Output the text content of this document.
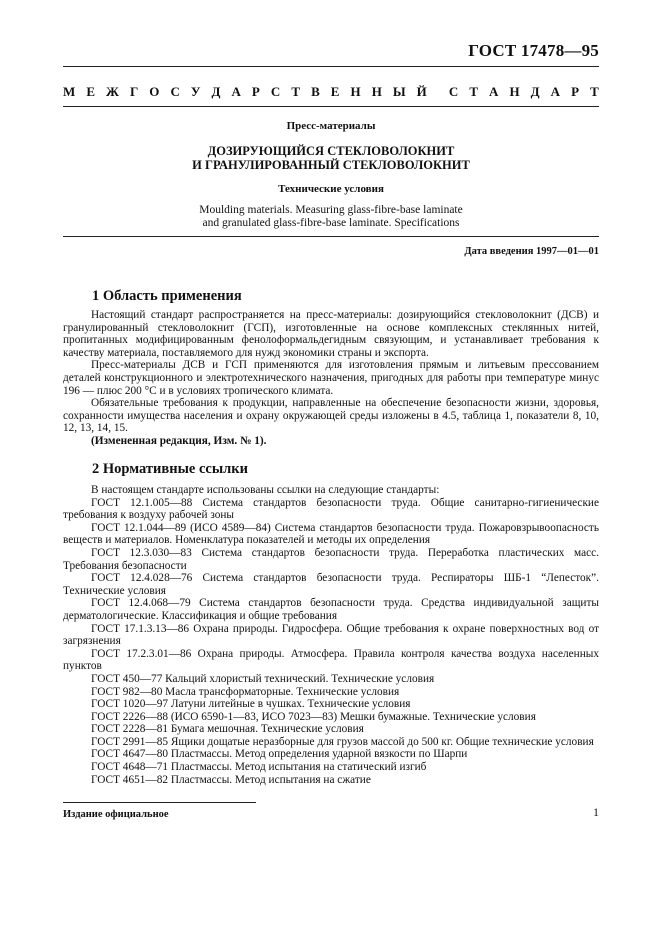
ГОСТ 17478—95
М Е Ж Г О С У Д А Р С Т В Е Н Н Ы Й С Т А Н Д А Р Т
Пресс-материалы
ДОЗИРУЮЩИЙСЯ СТЕКЛОВОЛОКНИТ
И ГРАНУЛИРОВАННЫЙ СТЕКЛОВОЛОКНИТ
Технические условия
Moulding materials. Measuring glass-fibre-base laminate
and granulated glass-fibre-base laminate. Specifications
Дата введения 1997—01—01
1 Область применения

Настоящий стандарт распространяется на пресс-материалы: дозирующийся стекловолокнит (ДСВ) и гранулированный стекловолокнит (ГСП), изготовленные на основе комплексных стеклянных нитей, пропитанных модифицированным фенолоформальдегидным связующим, и устанавливает требования к качеству материала, поставляемого для нужд экономики страны и экспорта.

Пресс-материалы ДСВ и ГСП применяются для изготовления прямым и литьевым прессованием деталей конструкционного и электротехнического назначения, пригодных для работы при температуре минус 196 — плюс 200 °С и в условиях тропического климата.

Обязательные требования к продукции, направленные на обеспечение безопасности жизни, здоровья, сохранности имущества населения и охрану окружающей среды изложены в 4.5, таблица 1, показатели 8, 10, 12, 13, 14, 15.

(Измененная редакция, Изм. № 1).

2 Нормативные ссылки

В настоящем стандарте использованы ссылки на следующие стандарты:

ГОСТ 12.1.005—88 Система стандартов безопасности труда. Общие санитарно-гигиенические требования к воздуху рабочей зоны

ГОСТ 12.1.044—89 (ИСО 4589—84) Система стандартов безопасности труда. Пожаровзрывоопасность веществ и материалов. Номенклатура показателей и методы их определения

ГОСТ 12.3.030—83 Система стандартов безопасности труда. Переработка пластических масс. Требования безопасности

ГОСТ 12.4.028—76 Система стандартов безопасности труда. Респираторы ШБ-1 “Лепесток”. Технические условия

ГОСТ 12.4.068—79 Система стандартов безопасности труда. Средства индивидуальной защиты дерматологические. Классификация и общие требования

ГОСТ 17.1.3.13—86 Охрана природы. Гидросфера. Общие требования к охране поверхностных вод от загрязнения

ГОСТ 17.2.3.01—86 Охрана природы. Атмосфера. Правила контроля качества воздуха населенных пунктов

ГОСТ 450—77 Кальций хлористый технический. Технические условия

ГОСТ 982—80 Масла трансформаторные. Технические условия

ГОСТ 1020—97 Латуни литейные в чушках. Технические условия

ГОСТ 2226—88 (ИСО 6590-1—83, ИСО 7023—83) Мешки бумажные. Технические условия

ГОСТ 2228—81 Бумага мешочная. Технические условия

ГОСТ 2991—85 Ящики дощатые неразборные для грузов массой до 500 кг. Общие технические условия

ГОСТ 4647—80 Пластмассы. Метод определения ударной вязкости по Шарпи

ГОСТ 4648—71 Пластмассы. Метод испытания на статический изгиб

ГОСТ 4651—82 Пластмассы. Метод испытания на сжатие

Издание официальное	1
